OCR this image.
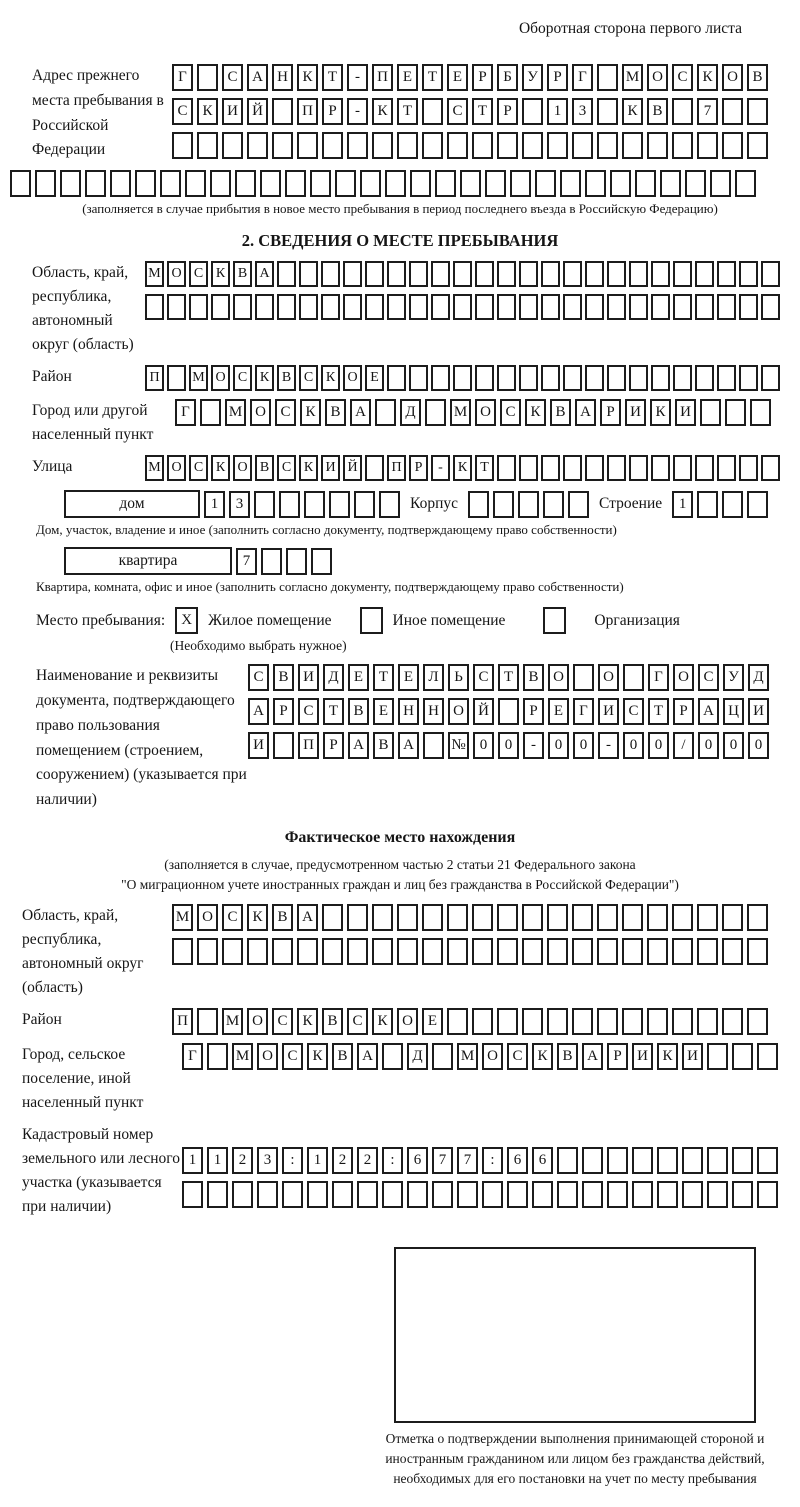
Оборотная сторона первого листа
Адрес прежнего места пребывания в Российской Федерации
Г	С А Н К	Т	-	П Е	Т	Е	Р	Б	У	Р	Г	М О С К О В
С К И Й	П	Р	-	К	Т	С	Т	Р	1	3	К В	7
(заполняется в случае прибытия в новое место пребывания в период последнего въезда в Российскую Федерацию)
2. СВЕДЕНИЯ О МЕСТЕ ПРЕБЫВАНИЯ
Область, край, республика, автономный округ (область)
М О С К В А
Район	П	М О С К В С К О Е
Город или другой населенный пункт
Г	М О С К В А	Д	М О С К В А	Р	И К И
Улица	М О С К О В С К И Й	П Р	-	К Т
дом	1	3	Корпус	Строение	1
Дом, участок, владение и иное (заполнить согласно документу, подтверждающему право собственности)
квартира	7
Квартира, комната, офис и иное (заполнить согласно документу, подтверждающему право собственности)
Место пребывания:	X	Жилое помещение	Иное помещение	Организация
(Необходимо выбрать нужное)
Наименование и реквизиты документа, подтверждающего право пользования помещением (строением, сооружением) (указывается при наличии)
С В И Д	Е	Т	Е	Л	Ь	С	Т	В О	О	Г	О С У Д
А	Р	С	Т	В	Е	Н Н О Й	Р	Е	Г	И С	Т	Р	А Ц И
И	П	Р	А В А	№ 0	0	-	0	0	-	0	0	/	0	0	0
Фактическое место нахождения
(заполняется в случае, предусмотренном частью 2 статьи 21 Федерального закона
"О миграционном учете иностранных граждан и лиц без гражданства в Российской Федерации")
Область, край, республика, автономный округ (область)
М О С К В А
Район	П	М О С К В С К О Е
Город, сельское поселение, иной населенный пункт
Г	М О С К В А	Д	М О С К В А	Р	И К И
Кадастровый номер земельного или лесного участка (указывается при наличии)
1	1	2	3	:	1	2	2	:	6	7	7	:	6	6
Отметка о подтверждении выполнения принимающей стороной и иностранным гражданином или лицом без гражданства действий, необходимых для его постановки на учет по месту пребывания
